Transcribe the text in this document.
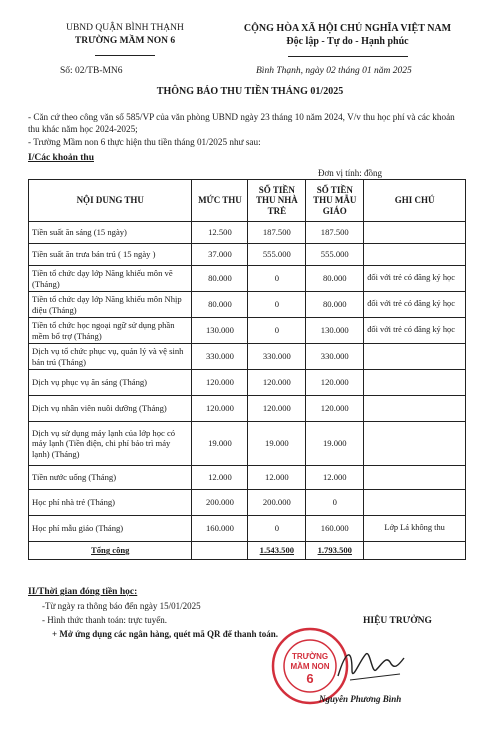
UBND QUẬN BÌNH THẠNH
TRƯỜNG MẦM NON 6
CỘNG HÒA XÃ HỘI CHỦ NGHĨA VIỆT NAM
Độc lập - Tự do - Hạnh phúc
Số: 02/TB-MN6	Bình Thạnh, ngày 02 tháng 01 năm 2025
THÔNG BÁO THU TIỀN THÁNG 01/2025
- Căn cứ theo công văn số 585/VP của văn phòng UBND ngày 23 tháng 10 năm 2024, V/v thu học phí và các khoản thu khác năm học 2024-2025;
- Trường Mầm non 6 thực hiện thu tiền tháng 01/2025 như sau:
I/Các khoản thu
Đơn vị tính: đồng
NỘI DUNG THU	MỨC THU	SỐ TIỀN THU NHÀ TRẺ	SỐ TIỀN THU MẪU GIÁO	GHI CHÚ
Tiền suất ăn sáng (15 ngày)	12.500	187.500	187.500	
Tiền suất ăn trưa bán trú ( 15 ngày )	37.000	555.000	555.000	
Tiền tổ chức dạy lớp Năng khiếu môn vẽ (Tháng)	80.000	0	80.000	đối với trẻ có đăng ký học
Tiền tổ chức dạy lớp Năng khiếu môn Nhịp điệu (Tháng)	80.000	0	80.000	đối với trẻ có đăng ký học
Tiền tổ chức học ngoại ngữ sử dụng phần mềm bổ trợ (Tháng)	130.000	0	130.000	đối với trẻ có đăng ký học
Dịch vụ tổ chức phục vụ, quản lý và vệ sinh bán trú (Tháng)	330.000	330.000	330.000	
Dịch vụ phục vụ ăn sáng (Tháng)	120.000	120.000	120.000	
Dịch vụ nhân viên nuôi dưỡng (Tháng)	120.000	120.000	120.000	
Dịch vụ sử dụng máy lạnh của lớp học có máy lạnh (Tiền điện, chi phí bảo trì máy lạnh) (Tháng)	19.000	19.000	19.000	
Tiền nước uống (Tháng)	12.000	12.000	12.000	
Học phí nhà trẻ (Tháng)	200.000	200.000	0	
Học phí mẫu giáo (Tháng)	160.000	0	160.000	Lớp Lá không thu
Tổng cộng		1.543.500	1.793.500	
II/Thời gian đóng tiền học:
-Từ ngày ra thông báo đến ngày 15/01/2025
- Hình thức thanh toán: trực tuyến.
+ Mở ứng dụng các ngân hàng, quét mã QR để thanh toán.
HIỆU TRƯỞNG
TRƯỜNG
MẦM NON
6
Nguyễn Phương Bình
